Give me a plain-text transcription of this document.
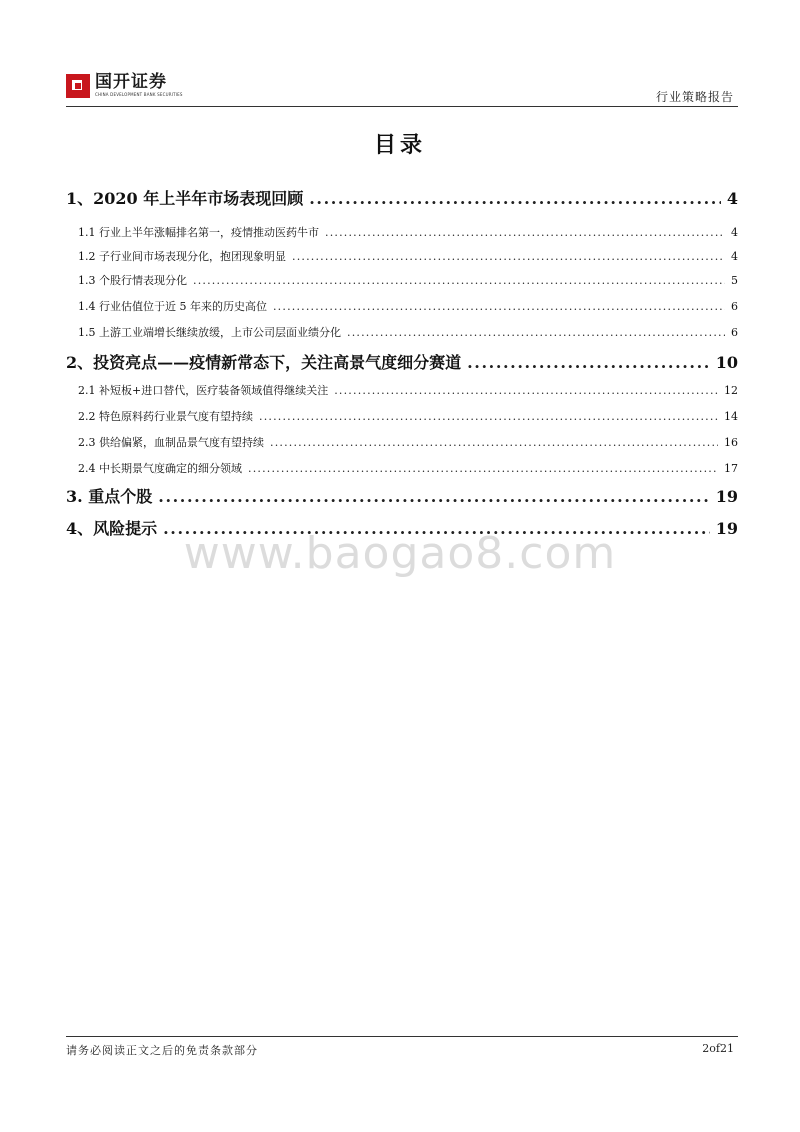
国开证券
CHINA DEVELOPMENT BANK SECURITIES	行业策略报告
目录
1、2020 年上半年市场表现回顾 .....	4
1.1 行业上半年涨幅排名第一，疫情推动医药牛市 .....	4
1.2 子行业间市场表现分化，抱团现象明显 .....	4
1.3 个股行情表现分化 .....	5
1.4 行业估值位于近 5 年来的历史高位 .....	6
1.5 上游工业端增长继续放缓，上市公司层面业绩分化 .....	6
2、投资亮点——疫情新常态下，关注高景气度细分赛道 .....	10
2.1 补短板+进口替代，医疗装备领域值得继续关注 .....	12
2.2 特色原料药行业景气度有望持续 .....	14
2.3 供给偏紧，血制品景气度有望持续 .....	16
2.4 中长期景气度确定的细分领域 .....	17
3. 重点个股 .....	19
4、风险提示 .....	19
www.baogao8.com
请务必阅读正文之后的免责条款部分	2of21
